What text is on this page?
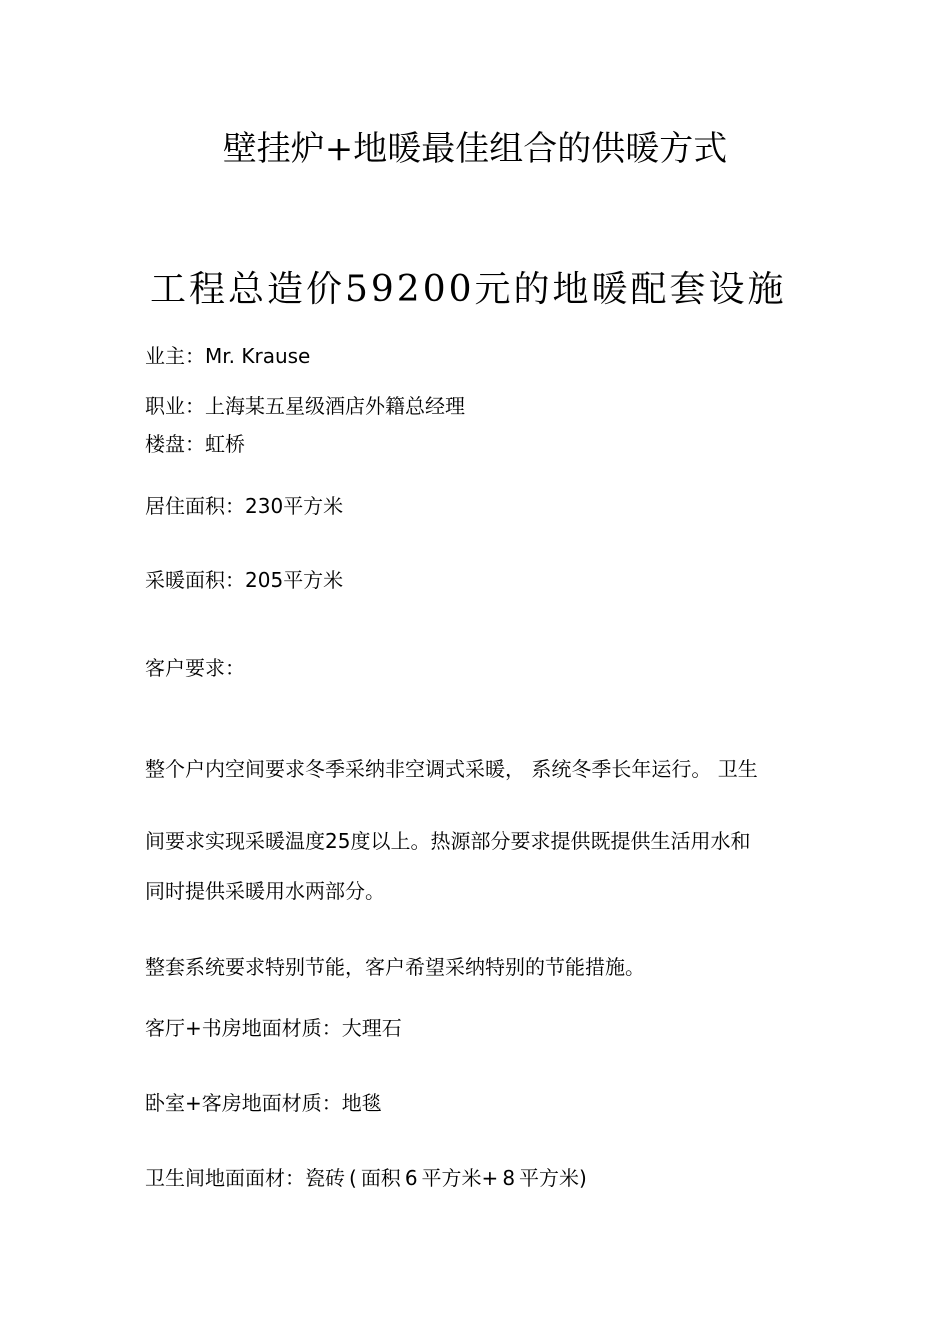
壁挂炉+地暖最佳组合的供暖方式
工程总造价59200元的地暖配套设施
业主：Mr. Krause
职业：上海某五星级酒店外籍总经理
楼盘：虹桥
居住面积：230平方米
采暖面积：205平方米
客户要求：
整个户内空间要求冬季采纳非空调式采暖， 系统冬季长年运行。 卫生
间要求实现采暖温度25度以上。热源部分要求提供既提供生活用水和
同时提供采暖用水两部分。
整套系统要求特别节能，客户希望采纳特别的节能措施。
客厅+书房地面材质：大理石
卧室+客房地面材质：地毯
卫生间地面面材：瓷砖 ( 面积 6 平方米+ 8 平方米)
